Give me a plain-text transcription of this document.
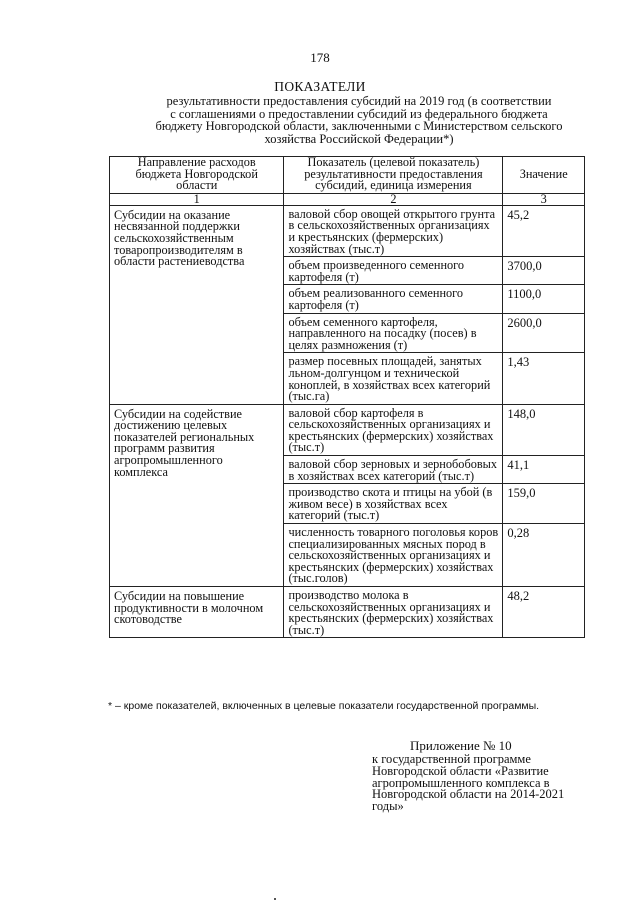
178
ПОКАЗАТЕЛИ
результативности предоставления субсидий на 2019 год (в соответствии
с соглашениями о предоставлении субсидий из федерального бюджета
бюджету Новгородской области, заключенными с Министерством сельского
хозяйства Российской Федерации*)
Направление расходов бюджета Новгородской области	Показатель (целевой показатель) результативности предоставления субсидий, единица измерения	Значение
1	2	3
Субсидии на оказание несвязанной поддержки сельскохозяйственным товаропроизводителям в области растениеводства	валовой сбор овощей открытого грунта в сельскохозяйственных организациях и крестьянских (фермерских) хозяйствах (тыс.т)	45,2
	объем произведенного семенного картофеля (т)	3700,0
	объем реализованного семенного картофеля (т)	1100,0
	объем семенного картофеля, направленного на посадку (посев) в целях размножения (т)	2600,0
	размер посевных площадей, занятых льном-долгунцом и технической коноплей, в хозяйствах всех категорий (тыс.га)	1,43
Субсидии на содействие достижению целевых показателей региональных программ развития агропромышленного комплекса	валовой сбор картофеля в сельскохозяйственных организациях и крестьянских (фермерских) хозяйствах (тыс.т)	148,0
	валовой сбор зерновых и зернобобовых в хозяйствах всех категорий (тыс.т)	41,1
	производство скота и птицы на убой (в живом весе) в хозяйствах всех категорий (тыс.т)	159,0
	численность товарного поголовья коров специализированных мясных пород в сельскохозяйственных организациях и крестьянских (фермерских) хозяйствах (тыс.голов)	0,28
Субсидии на повышение продуктивности в молочном скотоводстве	производство молока в сельскохозяйственных организациях и крестьянских (фермерских) хозяйствах (тыс.т)	48,2
* – кроме показателей, включенных в целевые показатели государственной программы.
Приложение № 10
к государственной программе Новгородской области «Развитие агропромышленного комплекса в Новгородской области на 2014-2021 годы»
